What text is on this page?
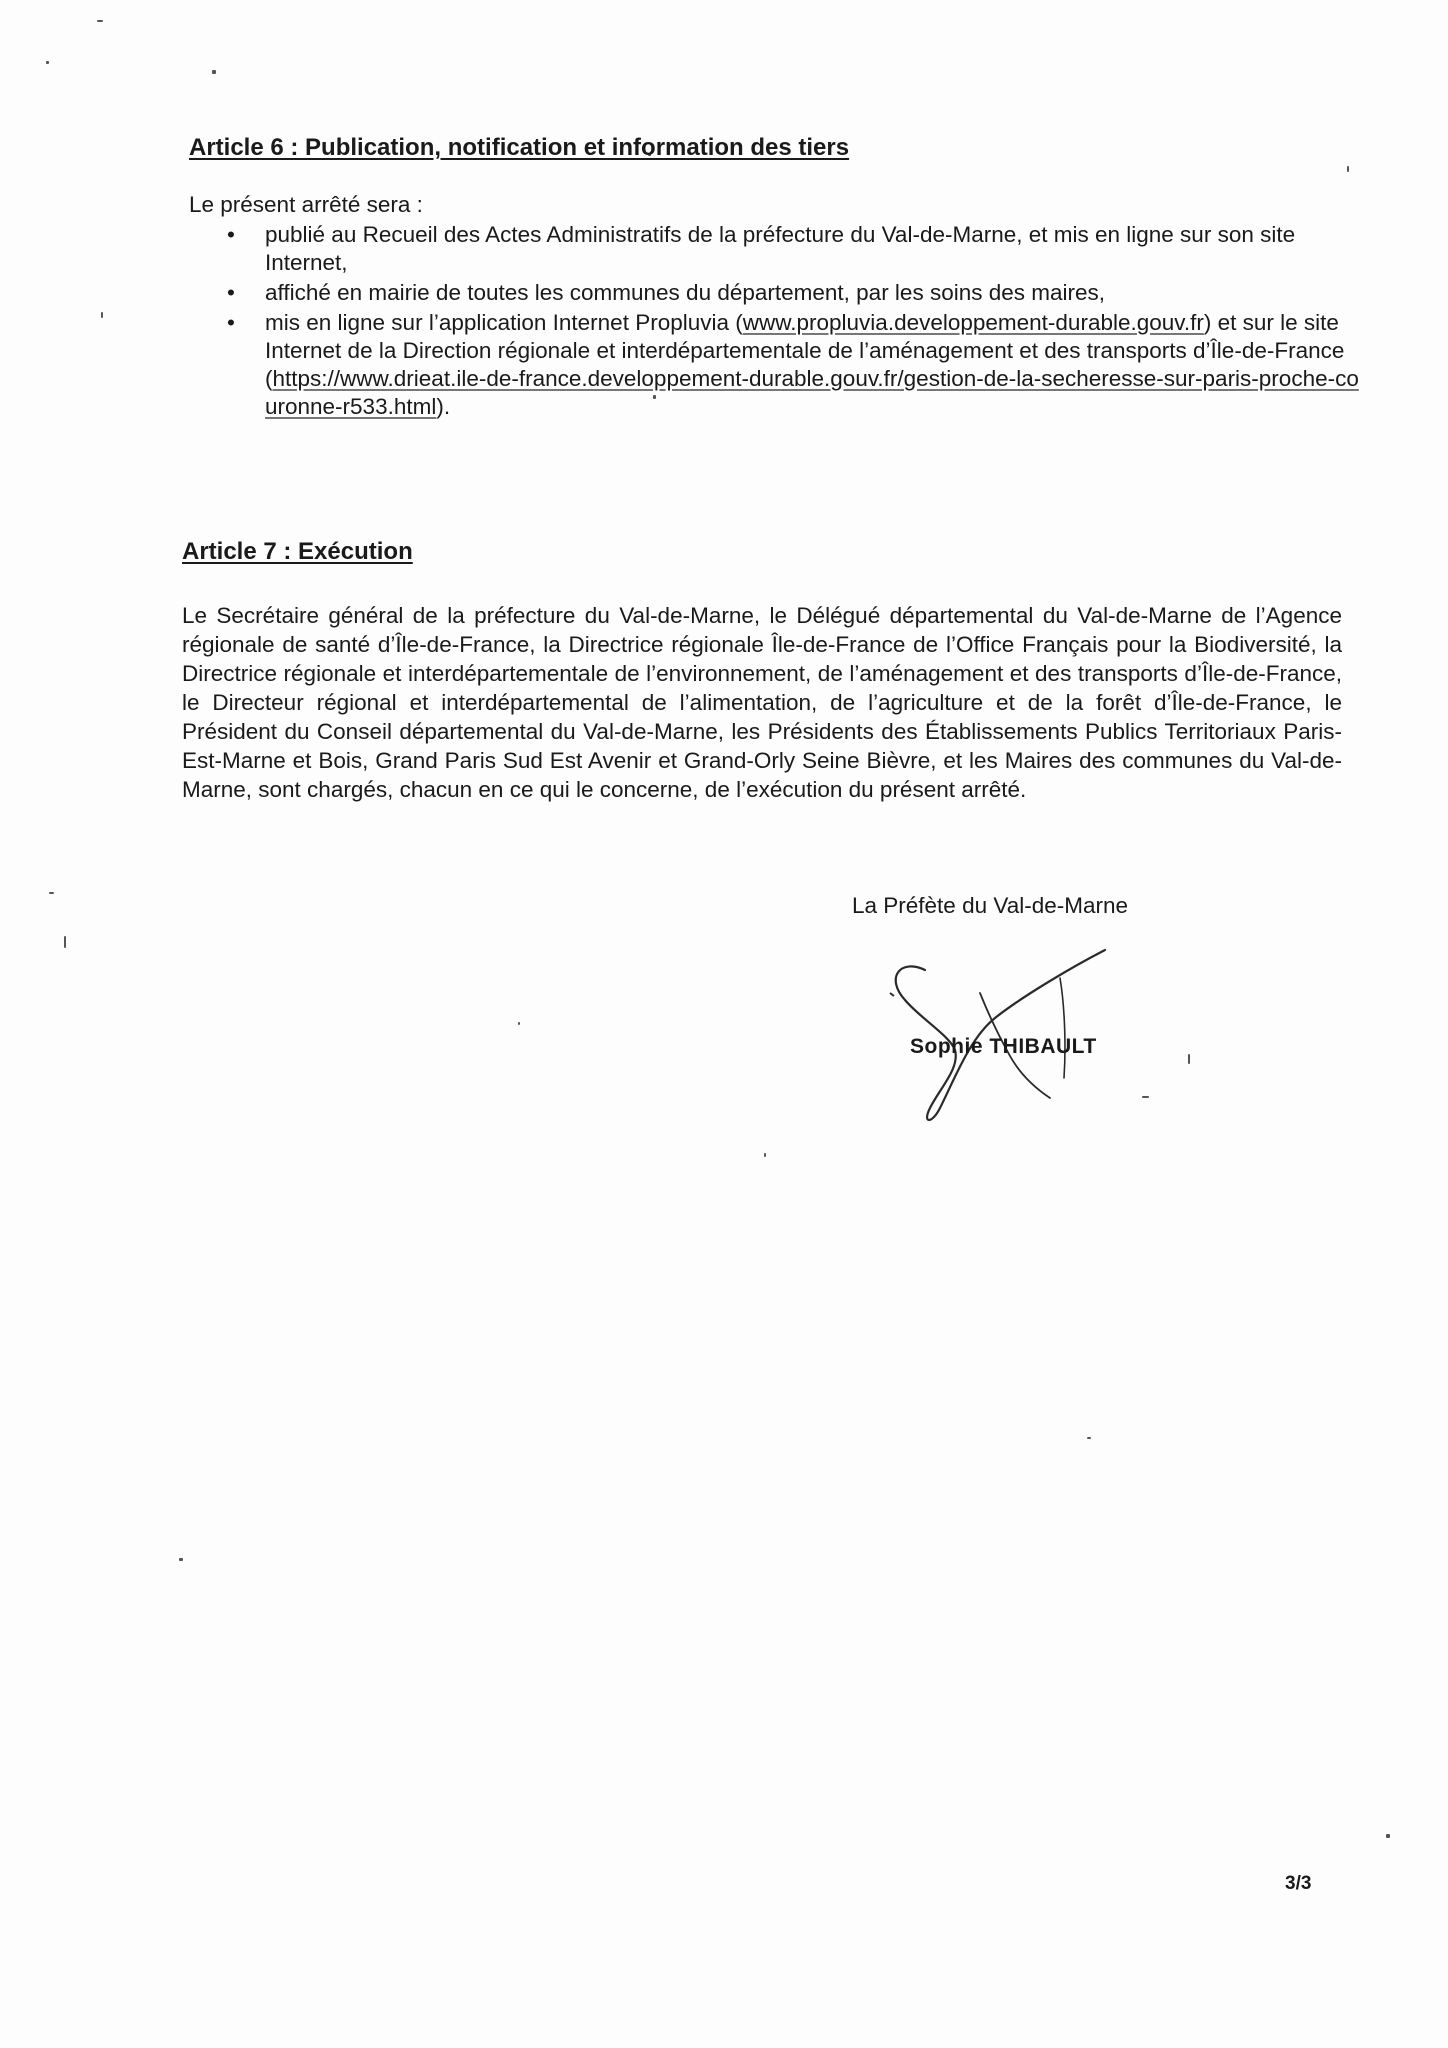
Article 6 : Publication, notification et information des tiers
Le présent arrêté sera :
• publié au Recueil des Actes Administratifs de la préfecture du Val-de-Marne, et mis en ligne sur son site Internet,
• affiché en mairie de toutes les communes du département, par les soins des maires,
• mis en ligne sur l’application Internet Propluvia (www.propluvia.developpement-durable.gouv.fr) et sur le site Internet de la Direction régionale et interdépartementale de l’aménagement et des transports d’Île-de-France (https://www.drieat.ile-de-france.developpement-durable.gouv.fr/gestion-de-la-secheresse-sur-paris-proche-couronne-r533.html).
Article 7 : Exécution
Le Secrétaire général de la préfecture du Val-de-Marne, le Délégué départemental du Val-de-Marne de l’Agence régionale de santé d’Île-de-France, la Directrice régionale Île-de-France de l’Office Français pour la Biodiversité, la Directrice régionale et interdépartementale de l’environnement, de l’aménagement et des transports d’Île-de-France, le Directeur régional et interdépartemental de l’alimentation, de l’agriculture et de la forêt d’Île-de-France, le Président du Conseil départemental du Val-de-Marne, les Présidents des Établissements Publics Territoriaux Paris-Est-Marne et Bois, Grand Paris Sud Est Avenir et Grand-Orly Seine Bièvre, et les Maires des communes du Val-de-Marne, sont chargés, chacun en ce qui le concerne, de l’exécution du présent arrêté.
La Préfète du Val-de-Marne
Sophie THIBAULT
3/3
